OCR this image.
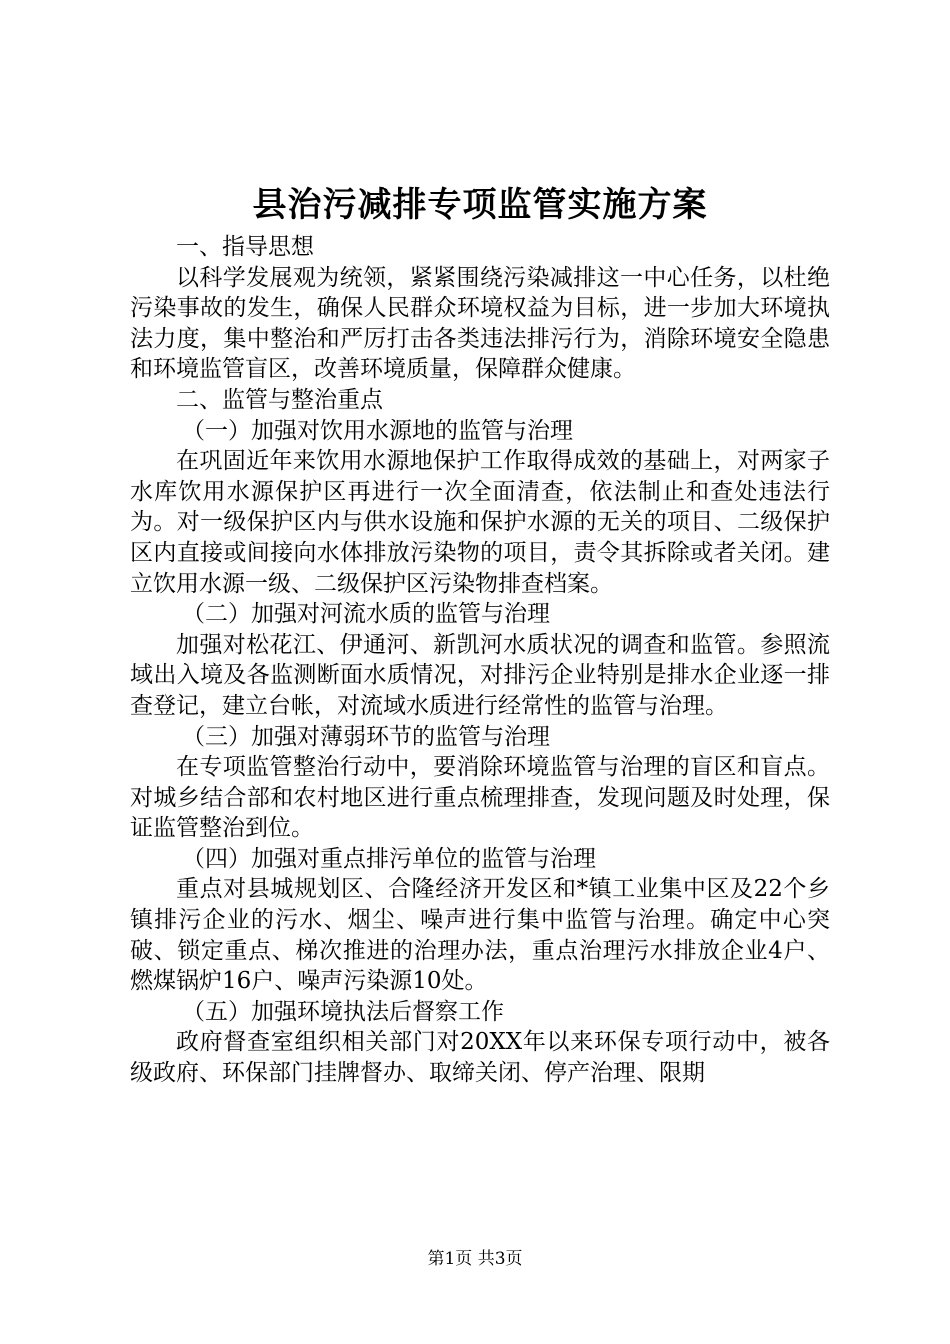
县治污减排专项监管实施方案

一、指导思想

以科学发展观为统领，紧紧围绕污染减排这一中心任务，以杜绝污染事故的发生，确保人民群众环境权益为目标，进一步加大环境执法力度，集中整治和严厉打击各类违法排污行为，消除环境安全隐患和环境监管盲区，改善环境质量，保障群众健康。

二、监管与整治重点

（一）加强对饮用水源地的监管与治理

在巩固近年来饮用水源地保护工作取得成效的基础上，对两家子水库饮用水源保护区再进行一次全面清查，依法制止和查处违法行为。对一级保护区内与供水设施和保护水源的无关的项目、二级保护区内直接或间接向水体排放污染物的项目，责令其拆除或者关闭。建立饮用水源一级、二级保护区污染物排查档案。

（二）加强对河流水质的监管与治理

加强对松花江、伊通河、新凯河水质状况的调查和监管。参照流域出入境及各监测断面水质情况，对排污企业特别是排水企业逐一排查登记，建立台帐，对流域水质进行经常性的监管与治理。

（三）加强对薄弱环节的监管与治理

在专项监管整治行动中，要消除环境监管与治理的盲区和盲点。对城乡结合部和农村地区进行重点梳理排查，发现问题及时处理，保证监管整治到位。

（四）加强对重点排污单位的监管与治理

重点对县城规划区、合隆经济开发区和*镇工业集中区及22个乡镇排污企业的污水、烟尘、噪声进行集中监管与治理。确定中心突破、锁定重点、梯次推进的治理办法，重点治理污水排放企业4户、燃煤锅炉16户、噪声污染源10处。

（五）加强环境执法后督察工作

政府督查室组织相关部门对20XX年以来环保专项行动中，被各级政府、环保部门挂牌督办、取缔关闭、停产治理、限期

第1页 共3页
